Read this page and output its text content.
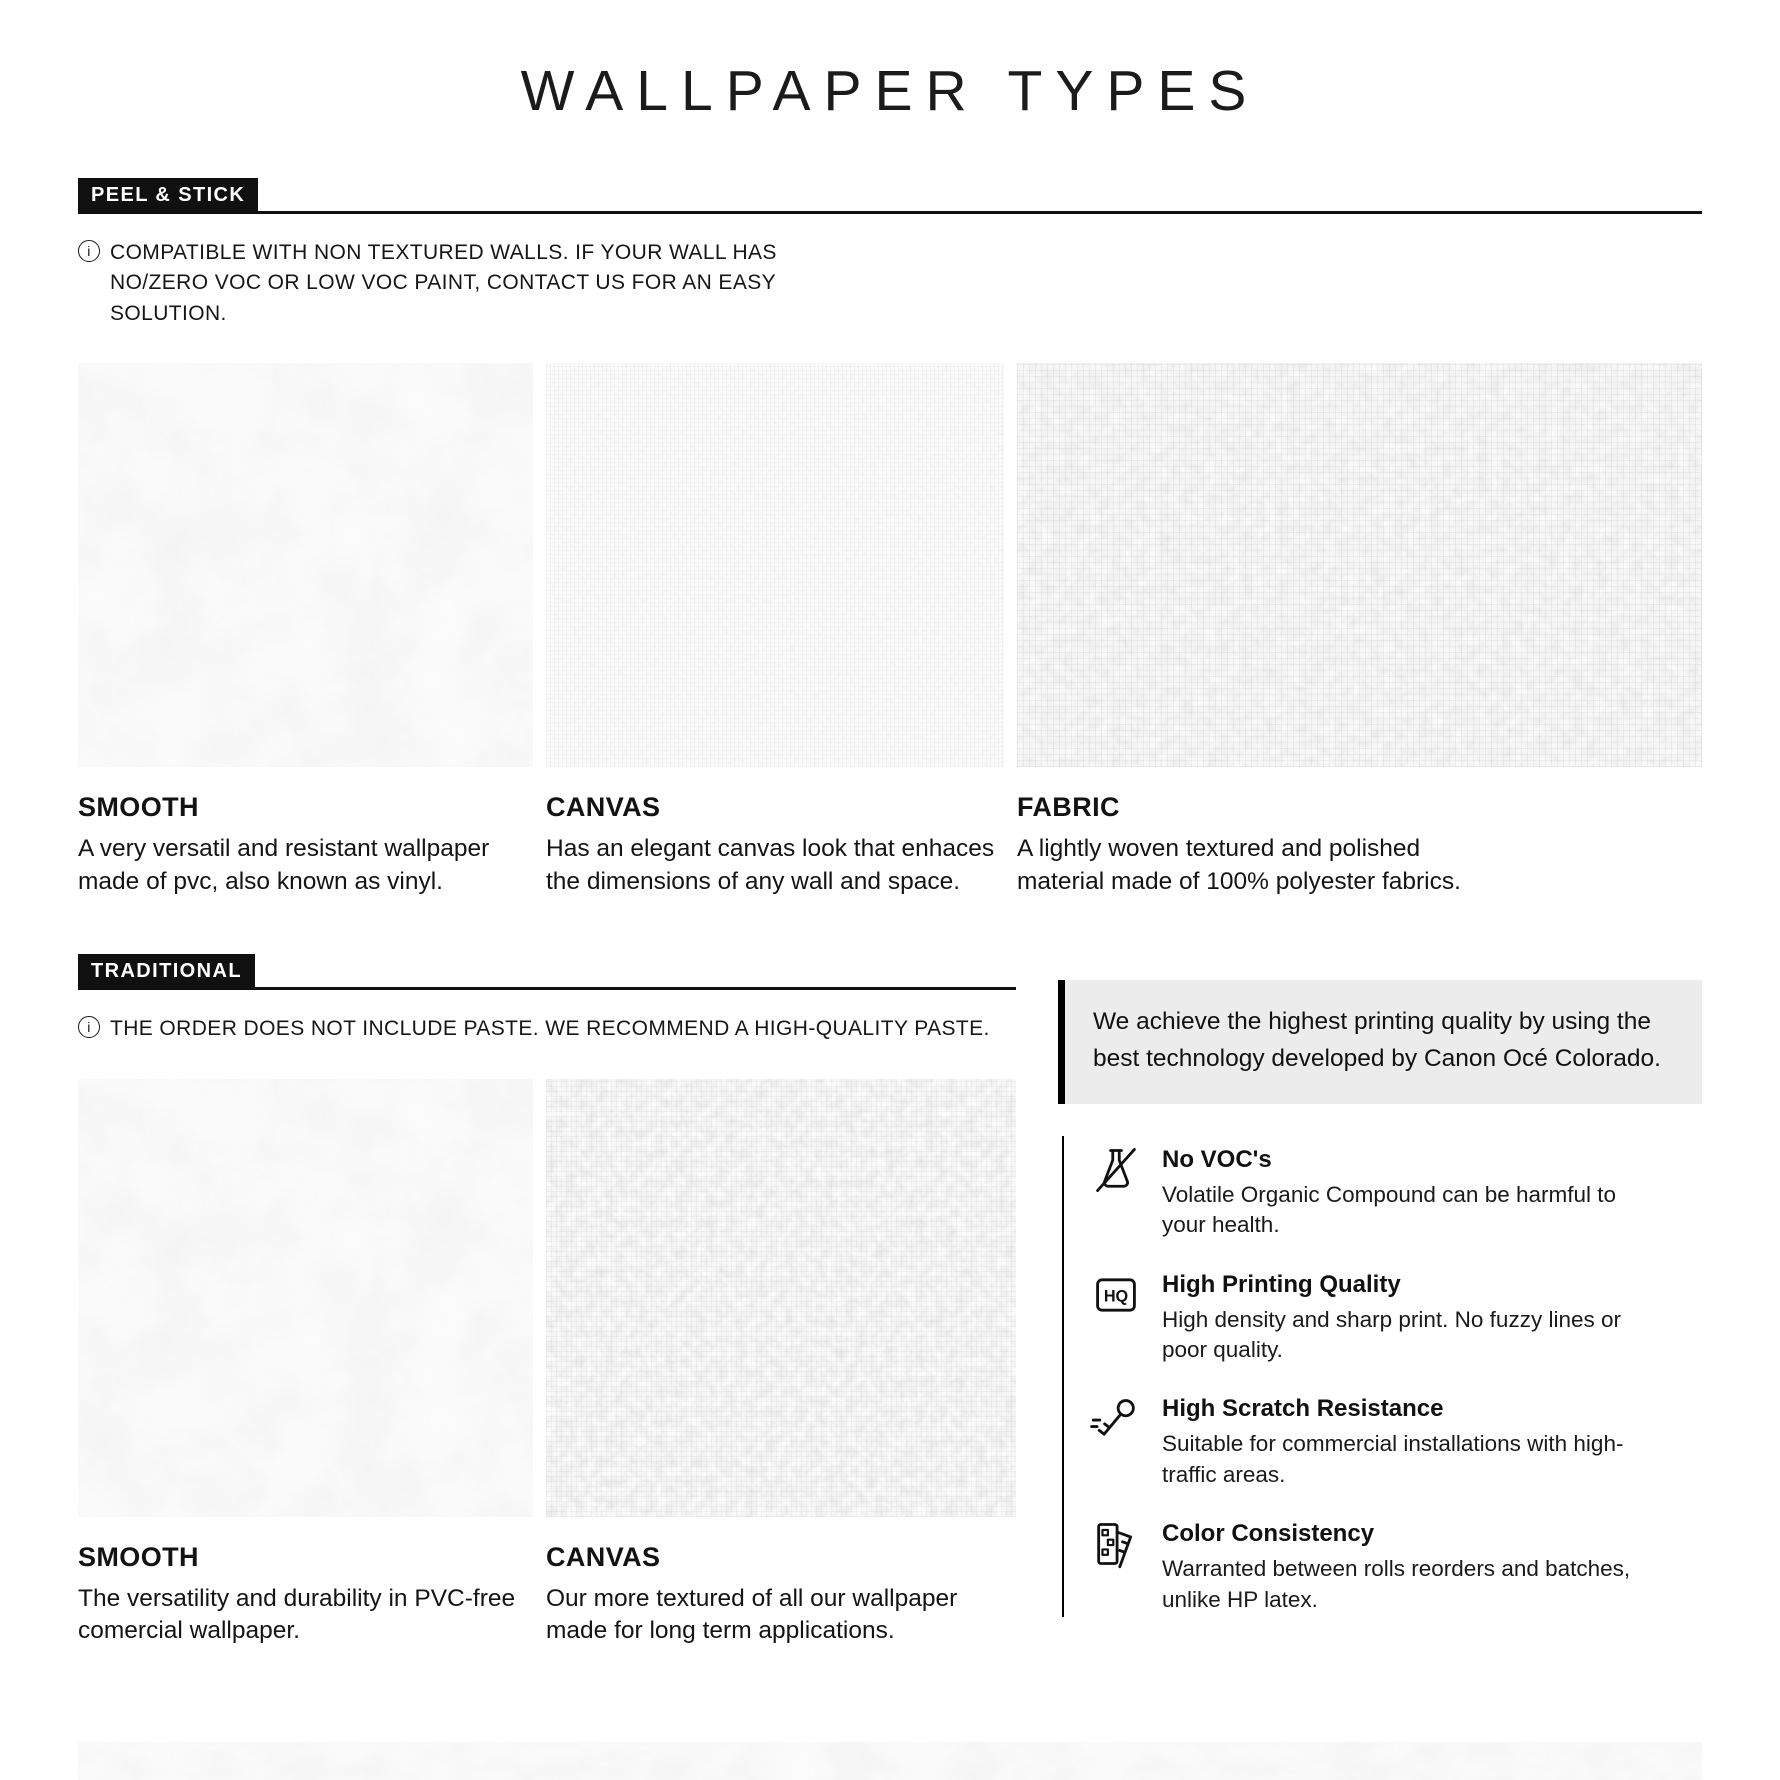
WALLPAPER TYPES
PEEL & STICK
i COMPATIBLE WITH NON TEXTURED WALLS. IF YOUR WALL HAS NO/ZERO VOC OR LOW VOC PAINT, CONTACT US FOR AN EASY SOLUTION.
SMOOTH

A very versatil and resistant wallpaper made of pvc, also known as vinyl.

CANVAS

Has an elegant canvas look that enhaces the dimensions of any wall and space.

FABRIC

A lightly woven textured and polished material made of 100% polyester fabrics.

TRADITIONAL
i THE ORDER DOES NOT INCLUDE PASTE. WE RECOMMEND A HIGH-QUALITY PASTE.
SMOOTH

The versatility and durability in PVC-free comercial wallpaper.

CANVAS

Our more textured of all our wallpaper made for long term applications.

We achieve the highest printing quality by using the best technology developed by Canon Océ Colorado.

No VOC's

Volatile Organic Compound can be harmful to your health.

HQ High Printing Quality

High density and sharp print. No fuzzy lines or poor quality.

High Scratch Resistance

Suitable for commercial installations with high-traffic areas.

Color Consistency

Warranted between rolls reorders and batches, unlike HP latex.
